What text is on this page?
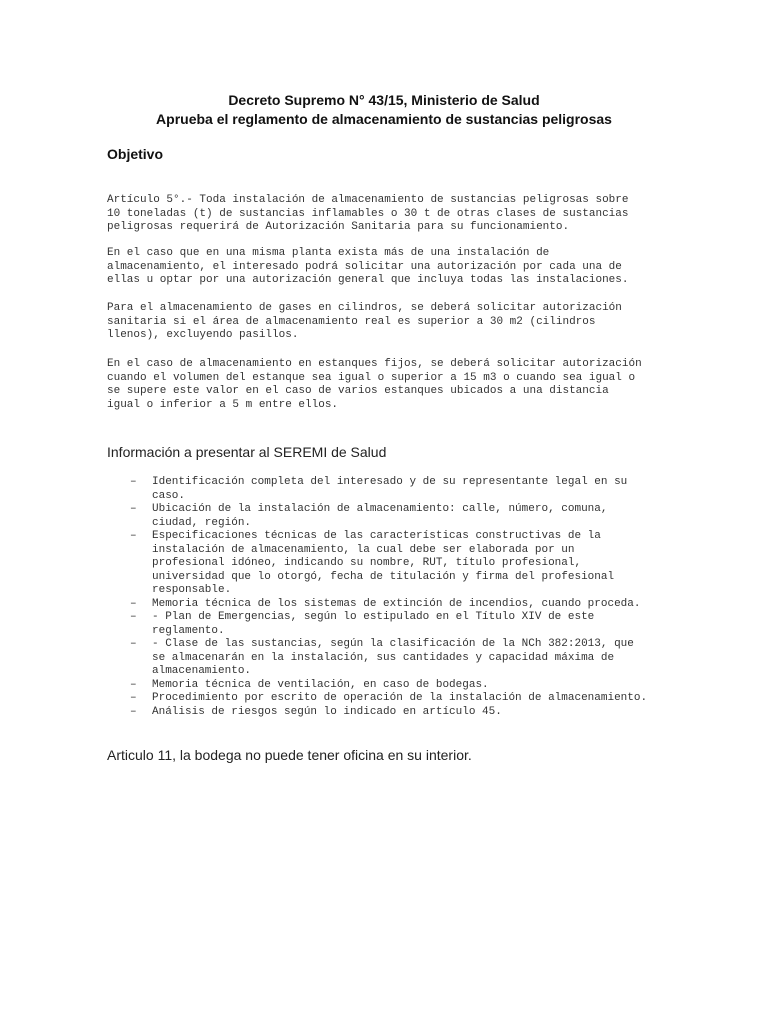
Decreto Supremo N° 43/15, Ministerio de Salud
Aprueba el reglamento de almacenamiento de sustancias peligrosas
Objetivo
Artículo 5°.- Toda instalación de almacenamiento de sustancias peligrosas sobre
10 toneladas (t) de sustancias inflamables o 30 t de otras clases de sustancias
peligrosas requerirá de Autorización Sanitaria para su funcionamiento.
En el caso que en una misma planta exista más de una instalación de
almacenamiento, el interesado podrá solicitar una autorización por cada una de
ellas u optar por una autorización general que incluya todas las instalaciones.
Para el almacenamiento de gases en cilindros, se deberá solicitar autorización
sanitaria si el área de almacenamiento real es superior a 30 m2 (cilindros
llenos), excluyendo pasillos.
En el caso de almacenamiento en estanques fijos, se deberá solicitar autorización
cuando el volumen del estanque sea igual o superior a 15 m3 o cuando sea igual o
se supere este valor en el caso de varios estanques ubicados a una distancia
igual o inferior a 5 m entre ellos.
Información a presentar al SEREMI de Salud
– Identificación completa del interesado y de su representante legal en su
caso.
– Ubicación de la instalación de almacenamiento: calle, número, comuna,
ciudad, región.
– Especificaciones técnicas de las características constructivas de la
instalación de almacenamiento, la cual debe ser elaborada por un
profesional idóneo, indicando su nombre, RUT, título profesional,
universidad que lo otorgó, fecha de titulación y firma del profesional
responsable.
– Memoria técnica de los sistemas de extinción de incendios, cuando proceda.
– - Plan de Emergencias, según lo estipulado en el Título XIV de este
reglamento.
– - Clase de las sustancias, según la clasificación de la NCh 382:2013, que
se almacenarán en la instalación, sus cantidades y capacidad máxima de
almacenamiento.
– Memoria técnica de ventilación, en caso de bodegas.
– Procedimiento por escrito de operación de la instalación de almacenamiento.
– Análisis de riesgos según lo indicado en artículo 45.
Articulo 11, la bodega no puede tener oficina en su interior.
